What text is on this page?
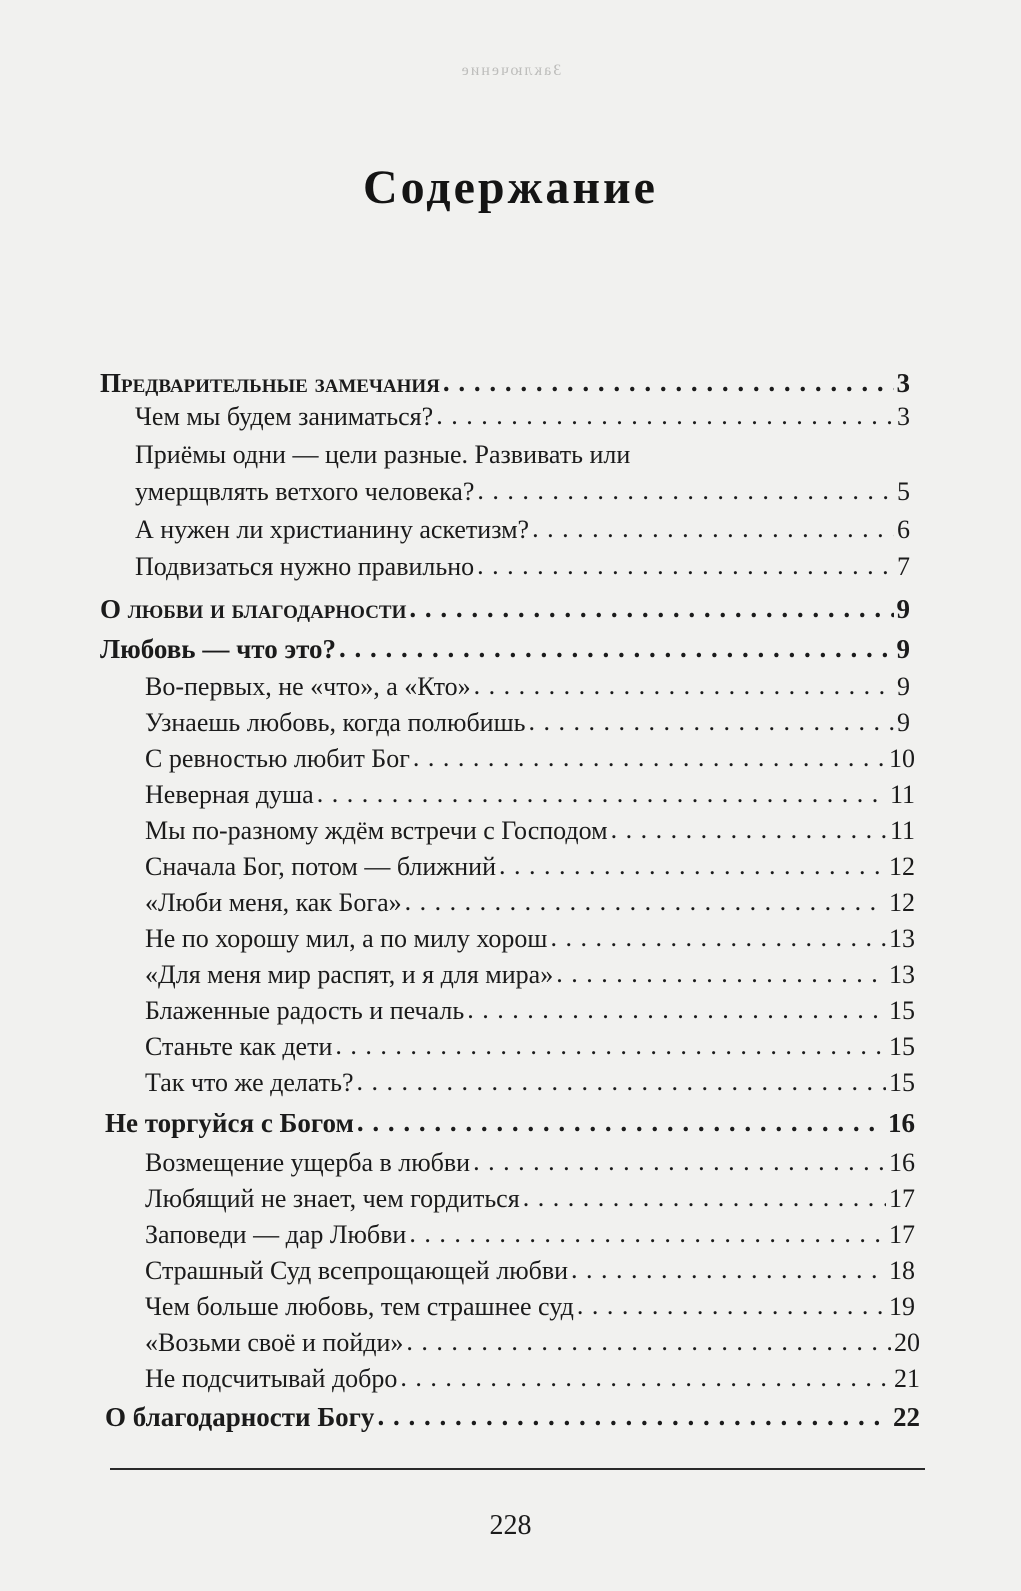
Заключение
Содержание
Предварительные замечания . . .	3
Чем мы будем заниматься? . . .	3
Приёмы одни — цели разные. Развивать или
умерщвлять ветхого человека? . . .	5
А нужен ли христианину аскетизм? . . .	6
Подвизаться нужно правильно . . .	7
О любви и благодарности . . .	9
Любовь — что это? . . .	9
Во-первых, не «что», а «Кто» . . .	9
Узнаешь любовь, когда полюбишь . . .	9
С ревностью любит Бог . . .	10
Неверная душа . . .	11
Мы по-разному ждём встречи с Господом . . .	11
Сначала Бог, потом — ближний . . .	12
«Люби меня, как Бога» . . .	12
Не по хорошу мил, а по милу хорош . . .	13
«Для меня мир распят, и я для мира» . . .	13
Блаженные радость и печаль . . .	15
Станьте как дети . . .	15
Так что же делать? . . .	15
Не торгуйся с Богом . . .	16
Возмещение ущерба в любви . . .	16
Любящий не знает, чем гордиться . . .	17
Заповеди — дар Любви . . .	17
Страшный Суд всепрощающей любви . . .	18
Чем больше любовь, тем страшнее суд . . .	19
«Возьми своё и пойди» . . .	20
Не подсчитывай добро . . .	21
О благодарности Богу . . .	22
228
